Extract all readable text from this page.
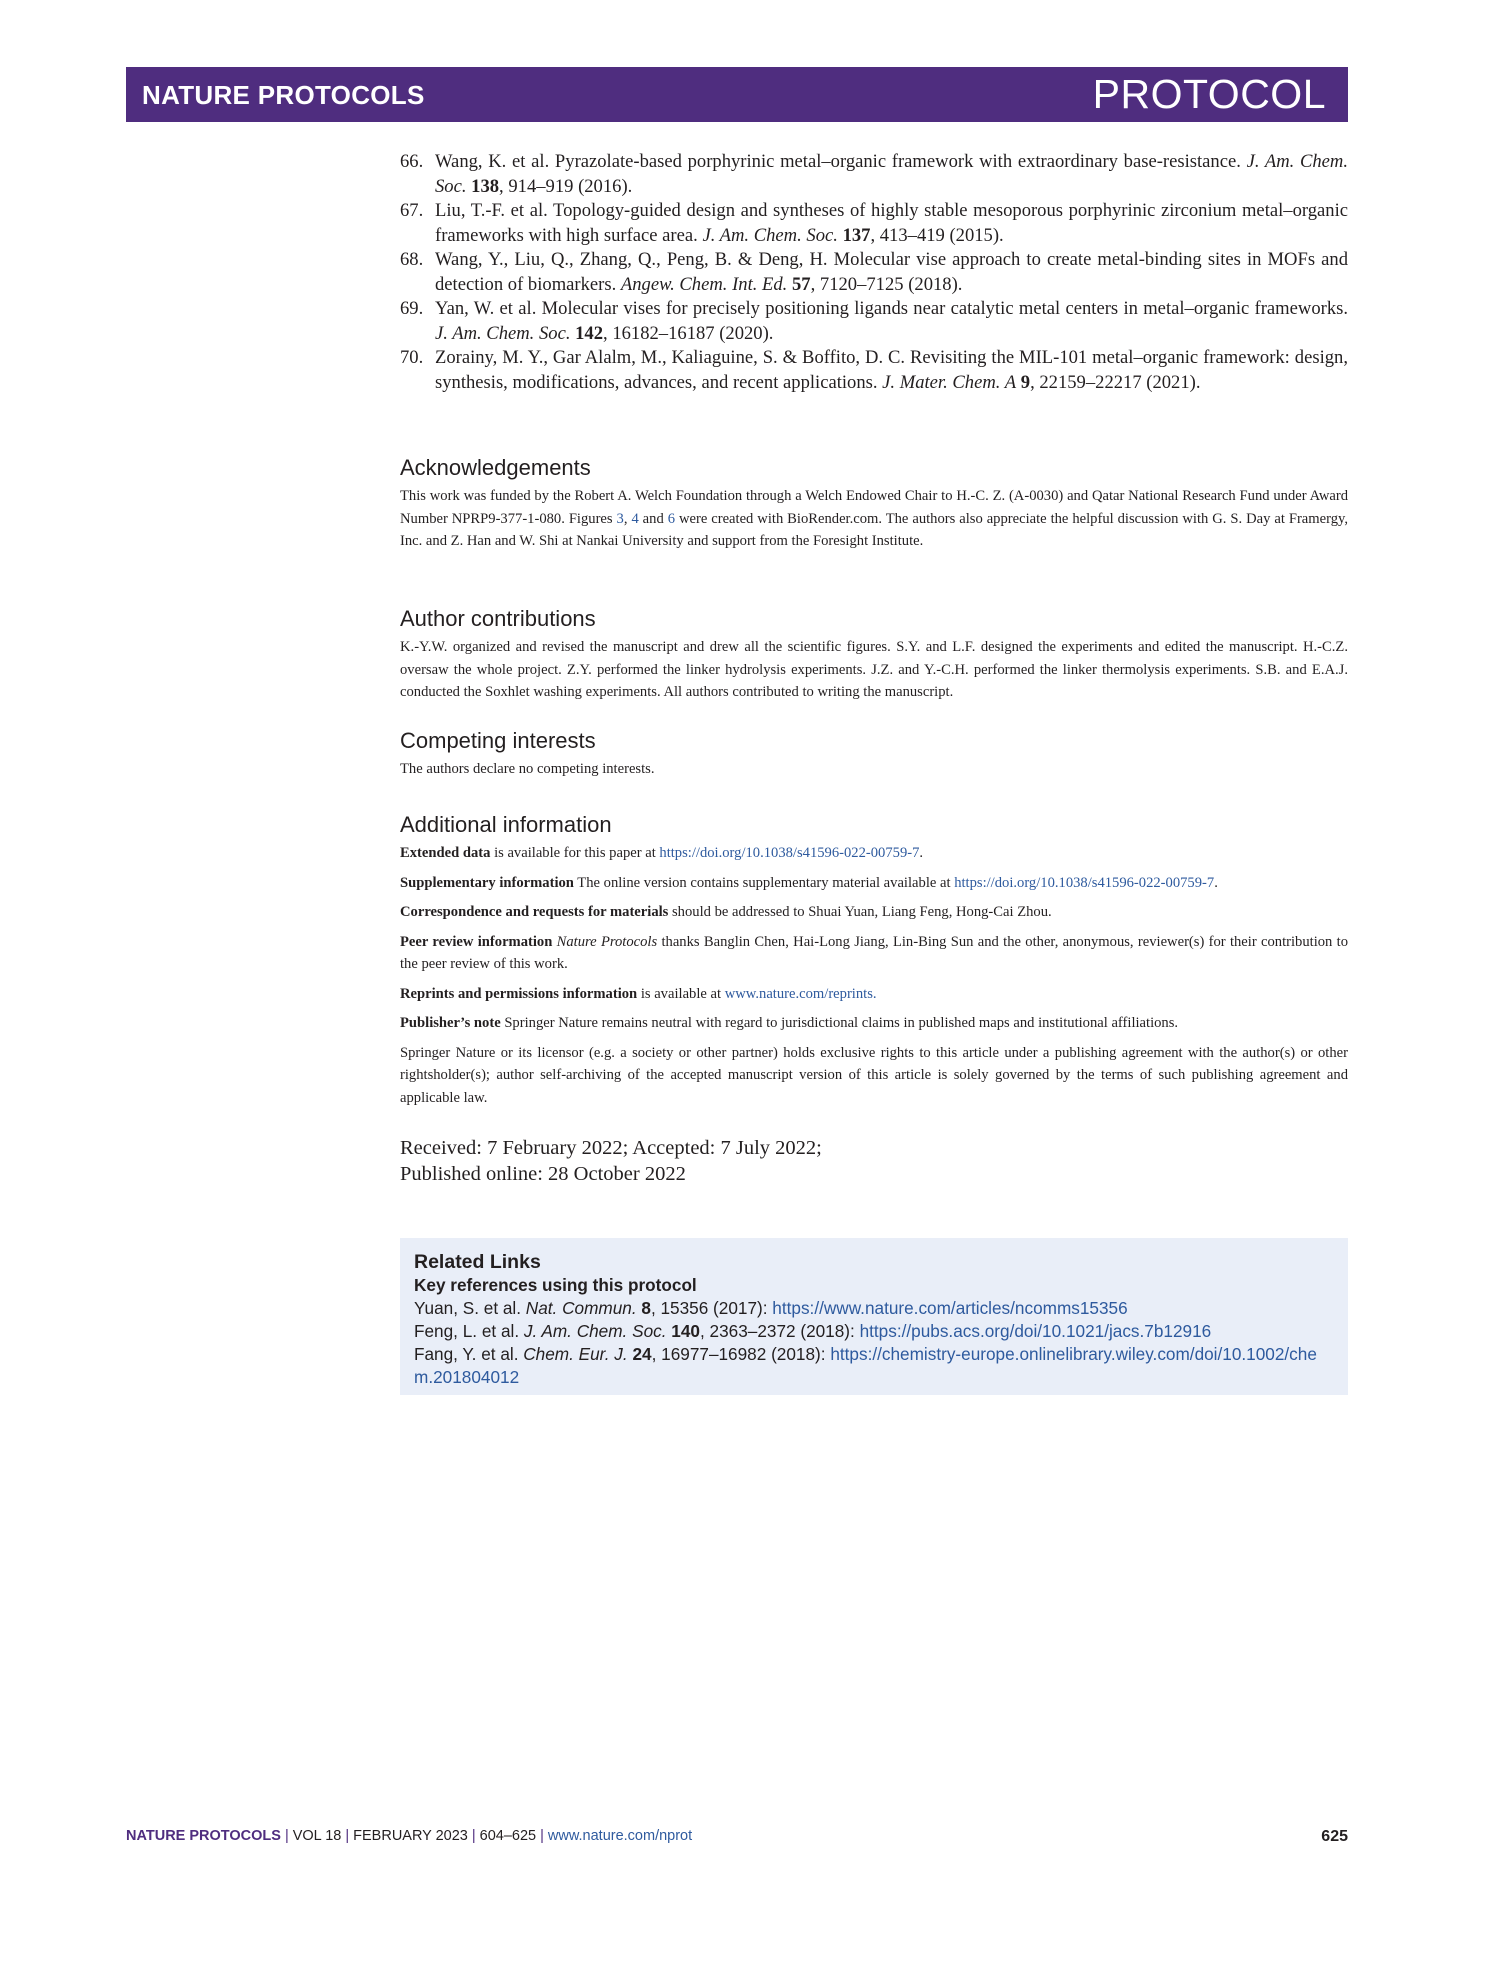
NATURE PROTOCOLS	PROTOCOL
66. Wang, K. et al. Pyrazolate-based porphyrinic metal–organic framework with extraordinary base-resistance. J. Am. Chem. Soc. 138, 914–919 (2016).
67. Liu, T.-F. et al. Topology-guided design and syntheses of highly stable mesoporous porphyrinic zirconium metal–organic frameworks with high surface area. J. Am. Chem. Soc. 137, 413–419 (2015).
68. Wang, Y., Liu, Q., Zhang, Q., Peng, B. & Deng, H. Molecular vise approach to create metal-binding sites in MOFs and detection of biomarkers. Angew. Chem. Int. Ed. 57, 7120–7125 (2018).
69. Yan, W. et al. Molecular vises for precisely positioning ligands near catalytic metal centers in metal–organic frameworks. J. Am. Chem. Soc. 142, 16182–16187 (2020).
70. Zorainy, M. Y., Gar Alalm, M., Kaliaguine, S. & Boffito, D. C. Revisiting the MIL-101 metal–organic framework: design, synthesis, modifications, advances, and recent applications. J. Mater. Chem. A 9, 22159–22217 (2021).
Acknowledgements

This work was funded by the Robert A. Welch Foundation through a Welch Endowed Chair to H.-C. Z. (A-0030) and Qatar National Research Fund under Award Number NPRP9-377-1-080. Figures 3, 4 and 6 were created with BioRender.com. The authors also appreciate the helpful discussion with G. S. Day at Framergy, Inc. and Z. Han and W. Shi at Nankai University and support from the Foresight Institute.

Author contributions

K.-Y.W. organized and revised the manuscript and drew all the scientific figures. S.Y. and L.F. designed the experiments and edited the manuscript. H.-C.Z. oversaw the whole project. Z.Y. performed the linker hydrolysis experiments. J.Z. and Y.-C.H. performed the linker thermolysis experiments. S.B. and E.A.J. conducted the Soxhlet washing experiments. All authors contributed to writing the manuscript.

Competing interests

The authors declare no competing interests.

Additional information

Extended data is available for this paper at https://doi.org/10.1038/s41596-022-00759-7.

Supplementary information The online version contains supplementary material available at https://doi.org/10.1038/s41596-022-00759-7.

Correspondence and requests for materials should be addressed to Shuai Yuan, Liang Feng, Hong-Cai Zhou.

Peer review information Nature Protocols thanks Banglin Chen, Hai-Long Jiang, Lin-Bing Sun and the other, anonymous, reviewer(s) for their contribution to the peer review of this work.

Reprints and permissions information is available at www.nature.com/reprints.

Publisher’s note Springer Nature remains neutral with regard to jurisdictional claims in published maps and institutional affiliations.

Springer Nature or its licensor (e.g. a society or other partner) holds exclusive rights to this article under a publishing agreement with the author(s) or other rightsholder(s); author self-archiving of the accepted manuscript version of this article is solely governed by the terms of such publishing agreement and applicable law.

Received: 7 February 2022; Accepted: 7 July 2022;
Published online: 28 October 2022
Related Links
Key references using this protocol
Yuan, S. et al. Nat. Commun. 8, 15356 (2017): https://www.nature.com/articles/ncomms15356
Feng, L. et al. J. Am. Chem. Soc. 140, 2363–2372 (2018): https://pubs.acs.org/doi/10.1021/jacs.7b12916
Fang, Y. et al. Chem. Eur. J. 24, 16977–16982 (2018): https://chemistry-europe.onlinelibrary.wiley.com/doi/10.1002/chem.201804012
NATURE PROTOCOLS | VOL 18 | FEBRUARY 2023 | 604–625 | www.nature.com/nprot	625
